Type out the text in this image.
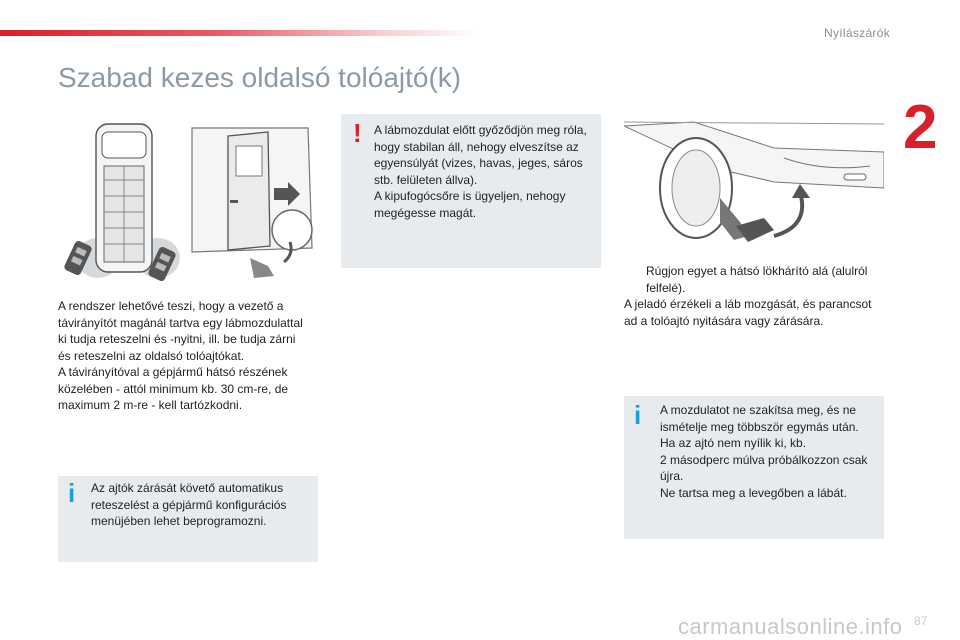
Nyílászárók
2
Szabad kezes oldalsó tolóajtó(k)
A rendszer lehetővé teszi, hogy a vezető a
távirányítót magánál tartva egy lábmozdulattal
ki tudja reteszelni és -nyitni, ill. be tudja zárni
és reteszelni az oldalsó tolóajtókat.
A távirányítóval a gépjármű hátsó részének
közelében - attól minimum kb. 30 cm-re, de
maximum 2 m-re - kell tartózkodni.
! A lábmozdulat előtt győződjön meg róla,
hogy stabilan áll, nehogy elveszítse az
egyensúlyát (vizes, havas, jeges, sáros
stb. felületen állva).
A kipufogócsőre is ügyeljen, nehogy
megégesse magát.
i Az ajtók zárását követő automatikus
reteszelést a gépjármű konfigurációs
menüjében lehet beprogramozni.
Rúgjon egyet a hátsó lökhárító alá (alulról
felfelé).
A jeladó érzékeli a láb mozgását, és parancsot
ad a tolóajtó nyitására vagy zárására.
i A mozdulatot ne szakítsa meg, és ne
ismételje meg többször egymás után.
Ha az ajtó nem nyílik ki, kb.
2 másodperc múlva próbálkozzon csak
újra.
Ne tartsa meg a levegőben a lábát.
carmanualsonline.info 87
